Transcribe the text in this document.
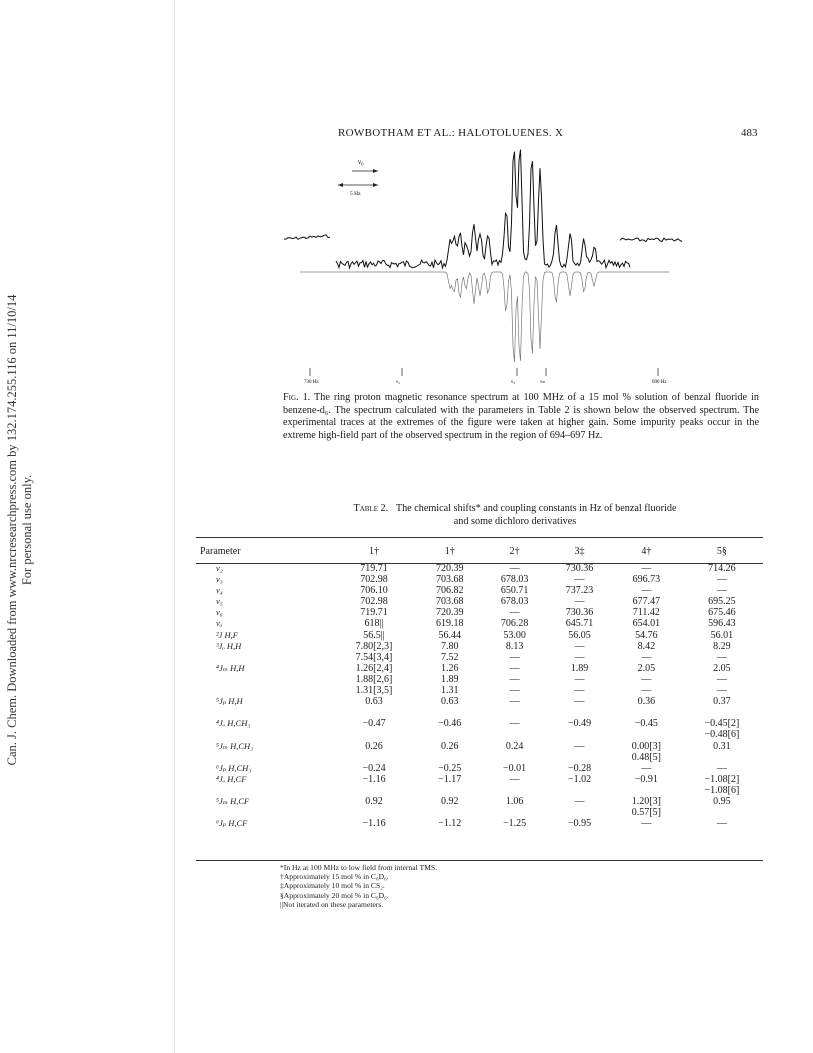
Can. J. Chem. Downloaded from www.nrcresearchpress.com by 132.174.255.116 on 11/10/14 For personal use only.
ROWBOTHAM ET AL.: HALOTOLUENES. X	483
ν₀
5 Hz
730 Hz	ν₂	ν₃	νₘ	690 Hz
Fig. 1. The ring proton magnetic resonance spectrum at 100 MHz of a 15 mol % solution of benzal fluoride in benzene-d₆. The spectrum calculated with the parameters in Table 2 is shown below the observed spectrum. The experimental traces at the extremes of the figure were taken at higher gain. Some impurity peaks occur in the extreme high-field part of the observed spectrum in the region of 694–697 Hz.
Table 2. The chemical shifts* and coupling constants in Hz of benzal fluoride
and some dichloro derivatives
Parameter	1†	1†	2†	3‡	4†	5§
ν₂	719.71	720.39	—	730.36	—	714.26
ν₃	702.98	703.68	678.03	—	696.73	—
ν₄	706.10	706.82	650.71	737.23	—	—
ν₅	702.98	703.68	678.03	—	677.47	695.25
ν₆	719.71	720.39	—	730.36	711.42	675.46
νₐ	618||	619.18	706.28	645.71	654.01	596.43
²J H,F	56.5||	56.44	53.00	56.05	54.76	56.01
³Jₒ H,H	7.80[2,3]	7.80	8.13	—	8.42	8.29
	7.54[3,4]	7.52	—	—	—	—
⁴Jₘ H,H	1.26[2,4]	1.26	—	1.89	2.05	2.05
	1.88[2,6]	1.89	—	—	—	—
	1.31[3,5]	1.31	—	—	—	—
⁵Jₚ H,H	0.63	0.63	—	—	0.36	0.37

⁴Jₒ H,CH₃	−0.47	−0.46	—	−0.49	−0.45	−0.45[2]
						−0.48[6]
⁵Jₘ H,CH₃	0.26	0.26	0.24	—	0.00[3]	0.31
					0.48[5]	
⁶Jₚ H,CH₃	−0.24	−0.25	−0.01	−0.28	—	—
⁴Jₒ H,CF	−1.16	−1.17	—	−1.02	−0.91	−1.08[2]
						−1.08[6]
⁵Jₘ H,CF	0.92	0.92	1.06	—	1.20[3]	0.95
					0.57[5]	
⁶Jₚ H,CF	−1.16	−1.12	−1.25	−0.95	—	—
*In Hz at 100 MHz to low field from internal TMS.
†Approximately 15 mol % in C₆D₆.
‡Approximately 10 mol % in CS₂.
§Approximately 20 mol % in C₆D₆.
||Not iterated on these parameters.
